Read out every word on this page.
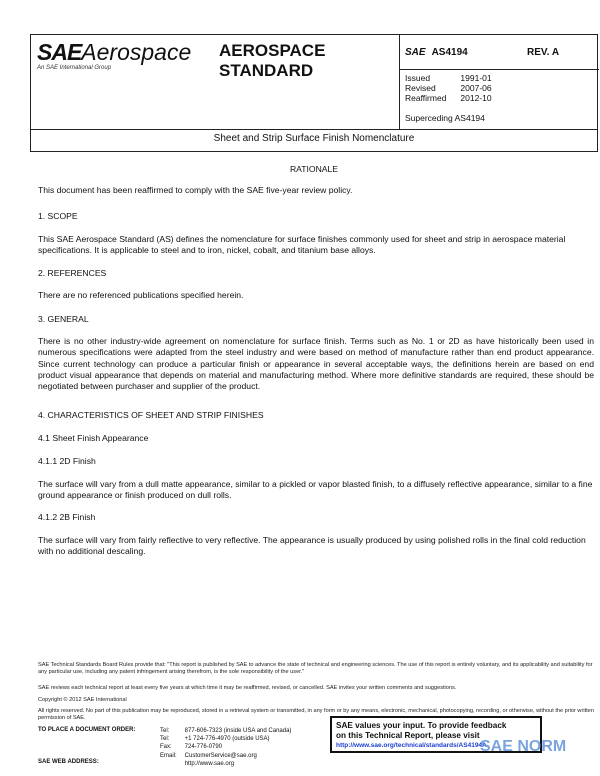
SAEAerospace
An SAE International Group
AEROSPACE
STANDARD
SAE AS4194	REV. A
Issued	1991-01
Revised	2007-06
Reaffirmed	2012-10
Superceding AS4194
Sheet and Strip Surface Finish Nomenclature
RATIONALE
This document has been reaffirmed to comply with the SAE five-year review policy.
1. SCOPE
This SAE Aerospace Standard (AS) defines the nomenclature for surface finishes commonly used for sheet and strip in aerospace material specifications. It is applicable to steel and to iron, nickel, cobalt, and titanium base alloys.
2. REFERENCES
There are no referenced publications specified herein.
3. GENERAL
There is no other industry-wide agreement on nomenclature for surface finish. Terms such as No. 1 or 2D as have historically been used in numerous specifications were adapted from the steel industry and were based on method of manufacture rather than end product appearance. Since current technology can produce a particular finish or appearance in several acceptable ways, the definitions herein are based on end product visual appearance that depends on material and manufacturing method. Where more definitive standards are required, these should be negotiated between purchaser and supplier of the product.
4. CHARACTERISTICS OF SHEET AND STRIP FINISHES
4.1 Sheet Finish Appearance
4.1.1 2D Finish
The surface will vary from a dull matte appearance, similar to a pickled or vapor blasted finish, to a diffusely reflective appearance, similar to a fine ground appearance or finish produced on dull rolls.
4.1.2 2B Finish
The surface will vary from fairly reflective to very reflective. The appearance is usually produced by using polished rolls in the final cold reduction with no additional descaling.
SAE Technical Standards Board Rules provide that: "This report is published by SAE to advance the state of technical and engineering sciences. The use of this report is entirely voluntary, and its applicability and suitability for any particular use, including any patent infringement arising therefrom, is the sole responsibility of the user."
SAE reviews each technical report at least every five years at which time it may be reaffirmed, revised, or cancelled. SAE invites your written comments and suggestions.
Copyright © 2012 SAE International
All rights reserved. No part of this publication may be reproduced, stored in a retrieval system or transmitted, in any form or by any means, electronic, mechanical, photocopying, recording, or otherwise, without the prior written permission of SAE.
TO PLACE A DOCUMENT ORDER:	Tel:	877-606-7323 (inside USA and Canada)
Tel:	+1 724-776-4970 (outside USA)
Fax:	724-776-0790
Email:	CustomerService@sae.org
	http://www.sae.org
SAE WEB ADDRESS:
SAE values your input. To provide feedback
on this Technical Report, please visit
http://www.sae.org/technical/standards/AS4194A
SAE NORM
